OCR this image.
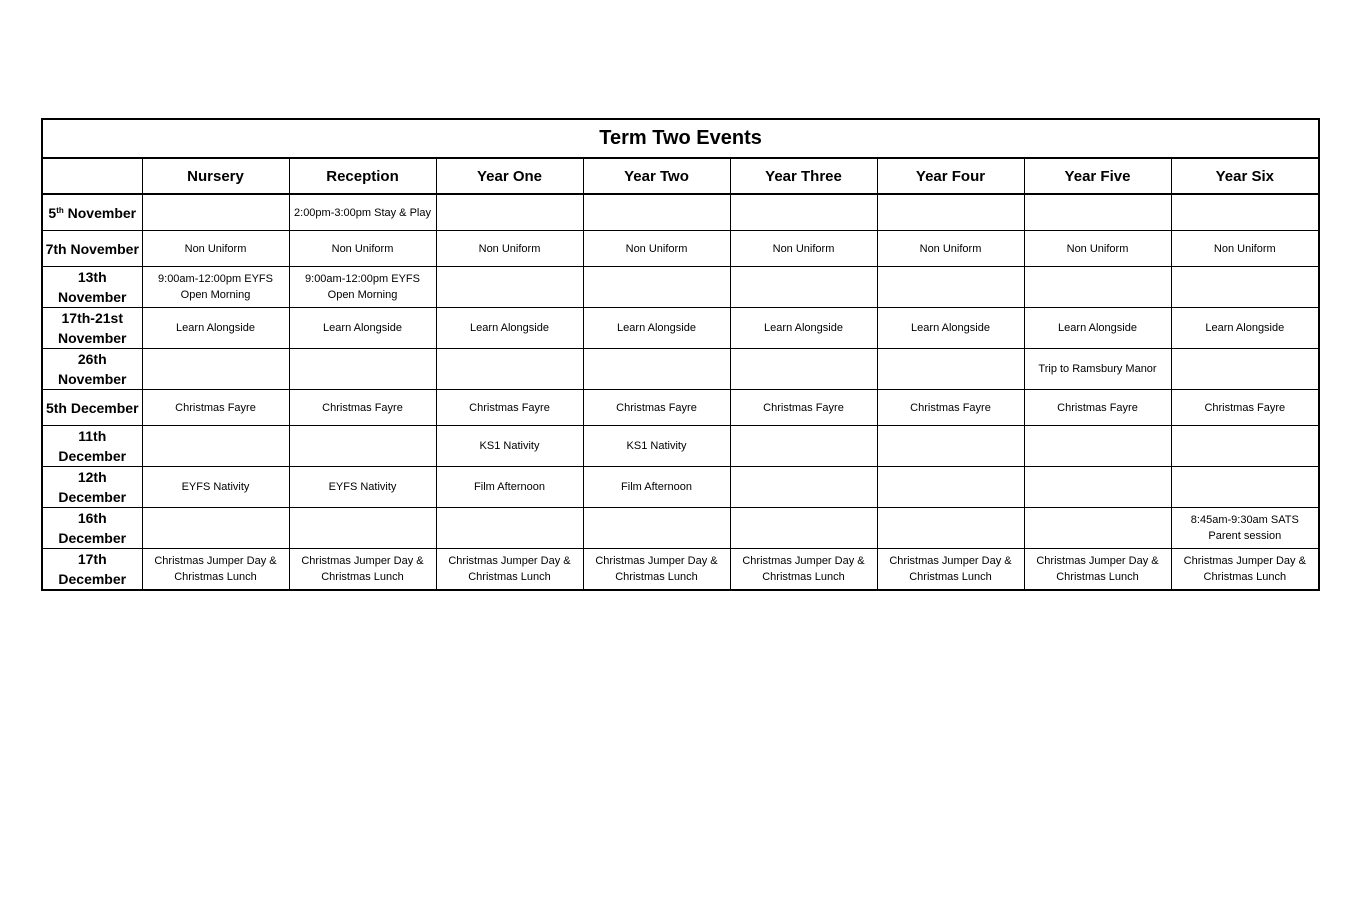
Term Two Events								
	Nursery	Reception	Year One	Year Two	Year Three	Year Four	Year Five	Year Six
5th November		2:00pm-3:00pm Stay & Play						
7th November	Non Uniform	Non Uniform	Non Uniform	Non Uniform	Non Uniform	Non Uniform	Non Uniform	Non Uniform
13th November	9:00am-12:00pm EYFS Open Morning	9:00am-12:00pm EYFS Open Morning						
17th-21st November	Learn Alongside	Learn Alongside	Learn Alongside	Learn Alongside	Learn Alongside	Learn Alongside	Learn Alongside	Learn Alongside
26th November							Trip to Ramsbury Manor	
5th December	Christmas Fayre	Christmas Fayre	Christmas Fayre	Christmas Fayre	Christmas Fayre	Christmas Fayre	Christmas Fayre	Christmas Fayre
11th December			KS1 Nativity	KS1 Nativity				
12th December	EYFS Nativity	EYFS Nativity	Film Afternoon	Film Afternoon				
16th December								8:45am-9:30am SATS Parent session
17th December	Christmas Jumper Day & Christmas Lunch	Christmas Jumper Day & Christmas Lunch	Christmas Jumper Day & Christmas Lunch	Christmas Jumper Day & Christmas Lunch	Christmas Jumper Day & Christmas Lunch	Christmas Jumper Day & Christmas Lunch	Christmas Jumper Day & Christmas Lunch	Christmas Jumper Day & Christmas Lunch
